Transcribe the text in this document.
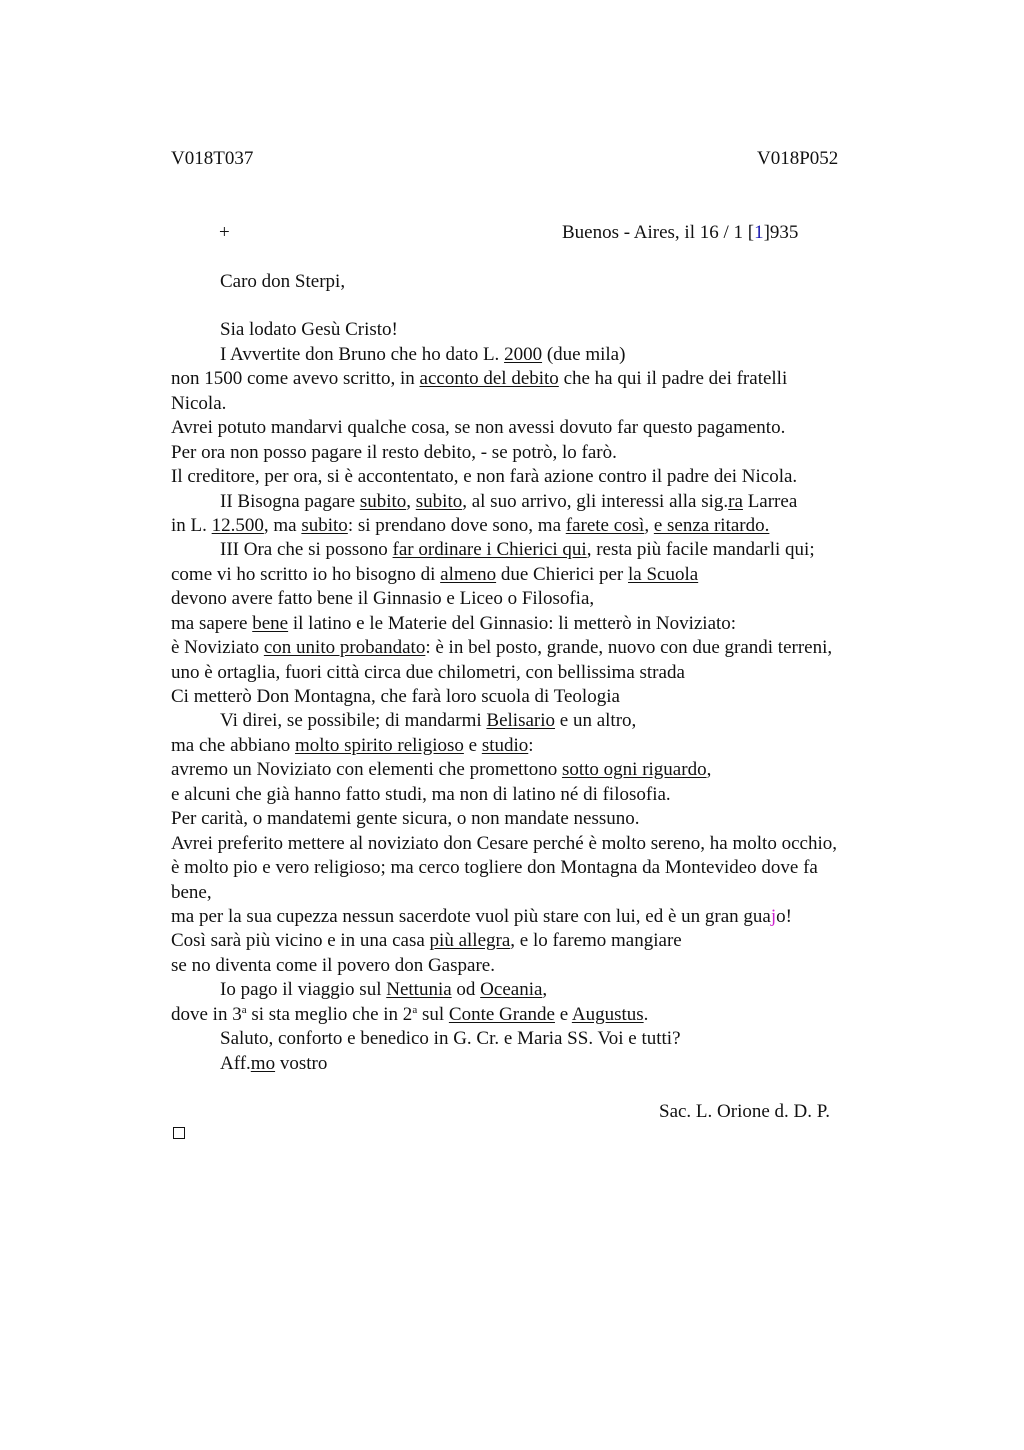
V018T037	V018P052
+	Buenos - Aires, il 16 / 1 [1]935
Caro don Sterpi,
Sia lodato Gesù Cristo!
I Avvertite don Bruno che ho dato L. 2000 (due mila)
non 1500 come avevo scritto, in acconto del debito che ha qui il padre dei fratelli
Nicola.
Avrei potuto mandarvi qualche cosa, se non avessi dovuto far questo pagamento.
Per ora non posso pagare il resto debito, - se potrò, lo farò.
Il creditore, per ora, si è accontentato, e non farà azione contro il padre dei Nicola.
II Bisogna pagare subito, subito, al suo arrivo, gli interessi alla sig.ra Larrea
in L. 12.500, ma subito: si prendano dove sono, ma farete così, e senza ritardo.
III Ora che si possono far ordinare i Chierici qui, resta più facile mandarli qui;
come vi ho scritto io ho bisogno di almeno due Chierici per la Scuola
devono avere fatto bene il Ginnasio e Liceo o Filosofia,
ma sapere bene il latino e le Materie del Ginnasio: li metterò in Noviziato:
è Noviziato con unito probandato: è in bel posto, grande, nuovo con due grandi terreni,
uno è ortaglia, fuori città circa due chilometri, con bellissima strada
Ci metterò Don Montagna, che farà loro scuola di Teologia
Vi direi, se possibile; di mandarmi Belisario e un altro,
ma che abbiano molto spirito religioso e studio:
avremo un Noviziato con elementi che promettono sotto ogni riguardo,
e alcuni che già hanno fatto studi, ma non di latino né di filosofia.
Per carità, o mandatemi gente sicura, o non mandate nessuno.
Avrei preferito mettere al noviziato don Cesare perché è molto sereno, ha molto occhio,
è molto pio e vero religioso; ma cerco togliere don Montagna da Montevideo dove fa
bene,
ma per la sua cupezza nessun sacerdote vuol più stare con lui, ed è un gran guajo!
Così sarà più vicino e in una casa più allegra, e lo faremo mangiare
se no diventa come il povero don Gaspare.
Io pago il viaggio sul Nettunia od Oceania,
dove in 3$^a$ si sta meglio che in 2$^a$ sul Conte Grande e Augustus.
Saluto, conforto e benedico in G. Cr. e Maria SS. Voi e tutti?
Aff.mo vostro
Sac. L. Orione d. D. P.
